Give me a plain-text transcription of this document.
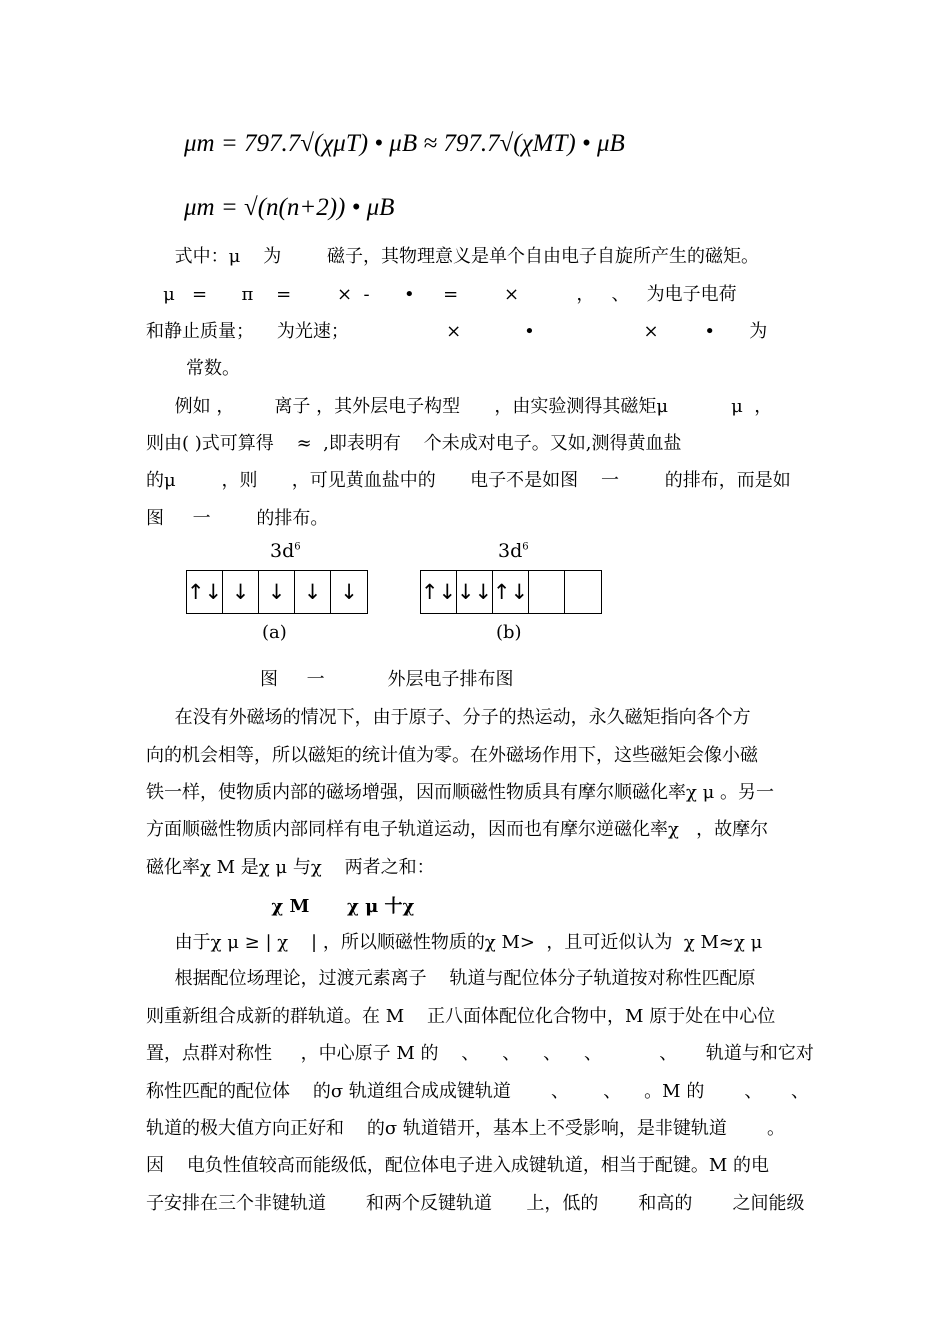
μm = 797.7√(χμT) • μB ≈ 797.7√(χMT) • μB
μm = √(n(n+2)) • μB
式中：μ    为        磁子，其物理意义是单个自由电子自旋所产生的磁矩。
μ   =      π    =        ×  -      •     =        ×          ，   、   为电子电荷
和静止质量；    为光速；                 ×           •                   ×        •      为
常数。
例如 ，       离子 ，其外层电子构型      ，由实验测得其磁矩μ           μ  ，
则由( )式可算得    ≈  ,即表明有    个未成对电子。又如,测得黄血盐
的μ        ，则      ，可见黄血盐中的      电子不是如图    一        的排布，而是如
图     一        的排布。
$3d^6$
↑↓ ↓ ↓ ↓ ↓
(a)
$3d^6$
↑↓ ↓↓ ↑↓
(b)
图     一           外层电子排布图
在没有外磁场的情况下，由于原子、分子的热运动，永久磁矩指向各个方
向的机会相等，所以磁矩的统计值为零。在外磁场作用下，这些磁矩会像小磁
铁一样，使物质内部的磁场增强，因而顺磁性物质具有摩尔顺磁化率χ μ 。另一
方面顺磁性物质内部同样有电子轨道运动，因而也有摩尔逆磁化率χ   ，故摩尔
磁化率χ M 是χ μ 与χ    两者之和：
χ M      χ μ 十χ
由于χ μ ≥ | χ    | ，所以顺磁性物质的χ M>  ，且可近似认为  χ M≈χ μ
根据配位场理论，过渡元素离子    轨道与配位体分子轨道按对称性匹配原
则重新组合成新的群轨道。在 M    正八面体配位化合物中，M 原于处在中心位
置，点群对称性     ，中心原子 M 的    、    、    、    、          、     轨道与和它对
称性匹配的配位体    的σ 轨道组合成成键轨道       、      、    。M 的       、     、
轨道的极大值方向正好和    的σ 轨道错开，基本上不受影响，是非键轨道       。
因    电负性值较高而能级低，配位体电子进入成键轨道，相当于配键。M 的电
子安排在三个非键轨道       和两个反键轨道      上，低的       和高的       之间能级
